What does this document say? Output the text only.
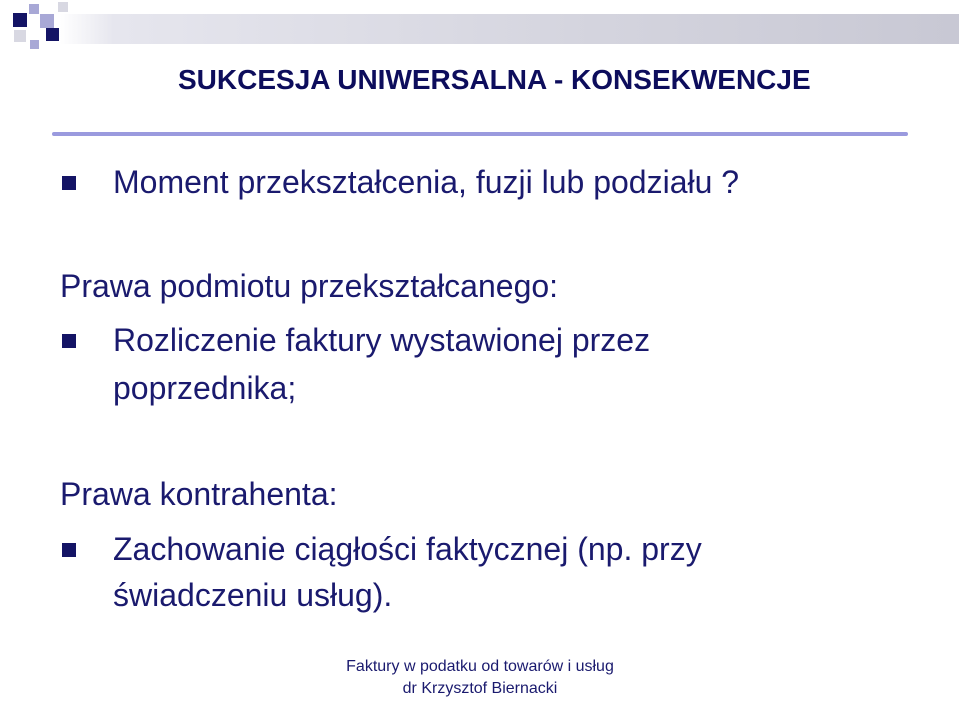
SUKCESJA UNIWERSALNA - KONSEKWENCJE
Moment przekształcenia, fuzji lub podziału ?
Prawa podmiotu przekształcanego:
Rozliczenie faktury wystawionej przez
poprzednika;
Prawa kontrahenta:
Zachowanie ciągłości faktycznej (np. przy
świadczeniu usług).
Faktury w podatku od towarów i usług
dr Krzysztof Biernacki
